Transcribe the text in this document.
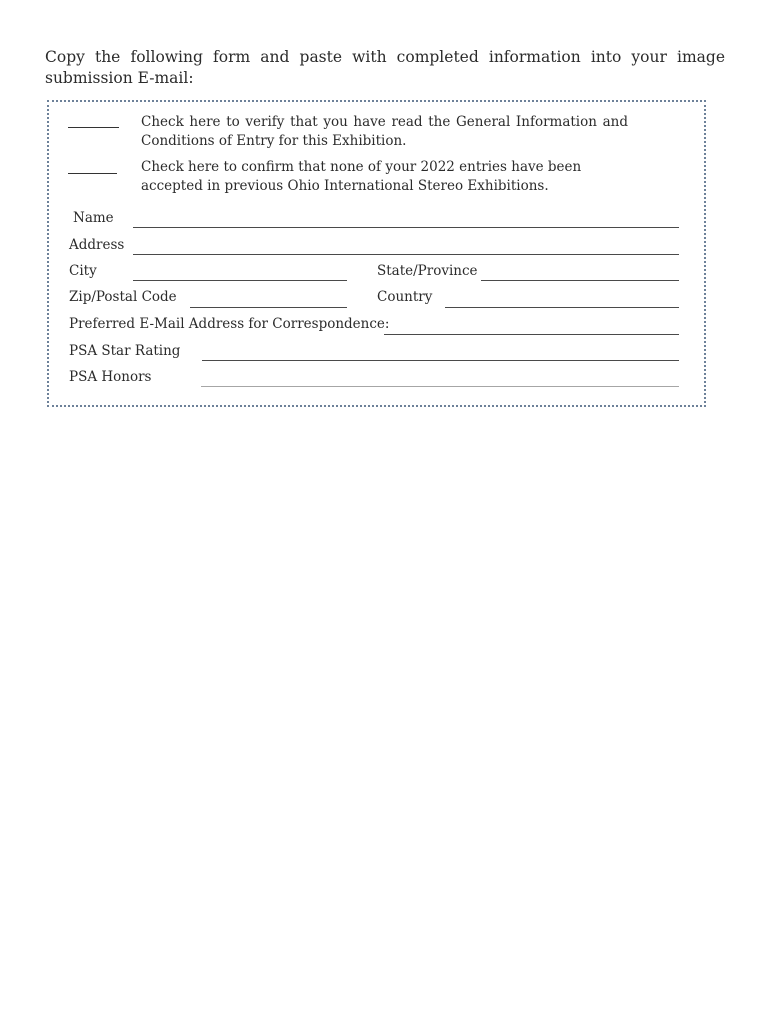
Copy the following form and paste with completed information into your image submission E-mail:
Check here to verify that you have read the General Information and Conditions of Entry for this Exhibition.
Check here to confirm that none of your 2022 entries have been accepted in previous Ohio International Stereo Exhibitions.
Name
Address
City	State/Province
Zip/Postal Code	Country
Preferred E-Mail Address for Correspondence:
PSA Star Rating
PSA Honors
